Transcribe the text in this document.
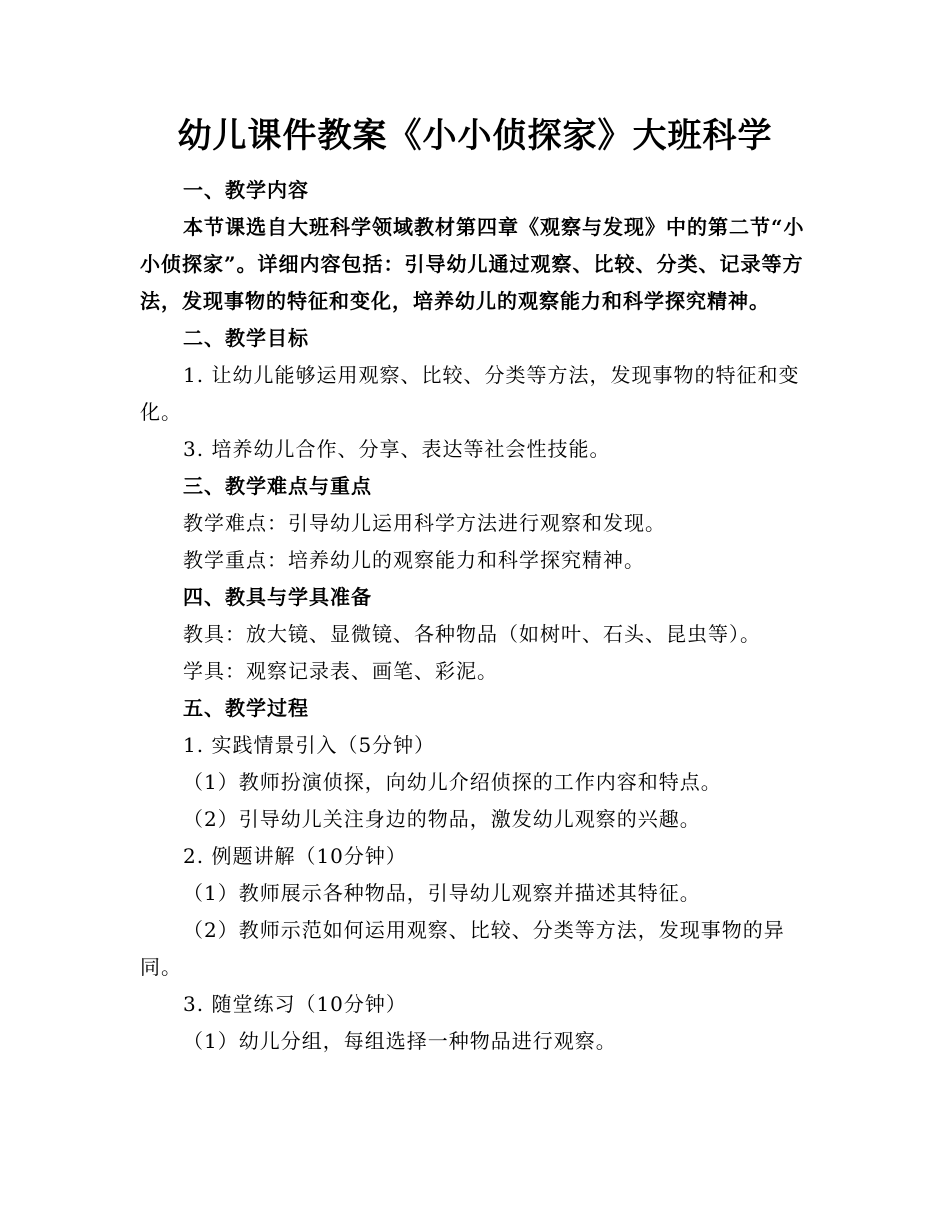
幼儿课件教案《小小侦探家》大班科学

一、教学内容

本节课选自大班科学领域教材第四章《观察与发现》中的第二节“小小侦探家”。详细内容包括：引导幼儿通过观察、比较、分类、记录等方法，发现事物的特征和变化，培养幼儿的观察能力和科学探究精神。

二、教学目标

1. 让幼儿能够运用观察、比较、分类等方法，发现事物的特征和变化。

3. 培养幼儿合作、分享、表达等社会性技能。

三、教学难点与重点

教学难点：引导幼儿运用科学方法进行观察和发现。

教学重点：培养幼儿的观察能力和科学探究精神。

四、教具与学具准备

教具：放大镜、显微镜、各种物品（如树叶、石头、昆虫等）。

学具：观察记录表、画笔、彩泥。

五、教学过程

1. 实践情景引入（5分钟）

（1）教师扮演侦探，向幼儿介绍侦探的工作内容和特点。

（2）引导幼儿关注身边的物品，激发幼儿观察的兴趣。

2. 例题讲解（10分钟）

（1）教师展示各种物品，引导幼儿观察并描述其特征。

（2）教师示范如何运用观察、比较、分类等方法，发现事物的异同。

3. 随堂练习（10分钟）

（1）幼儿分组，每组选择一种物品进行观察。
